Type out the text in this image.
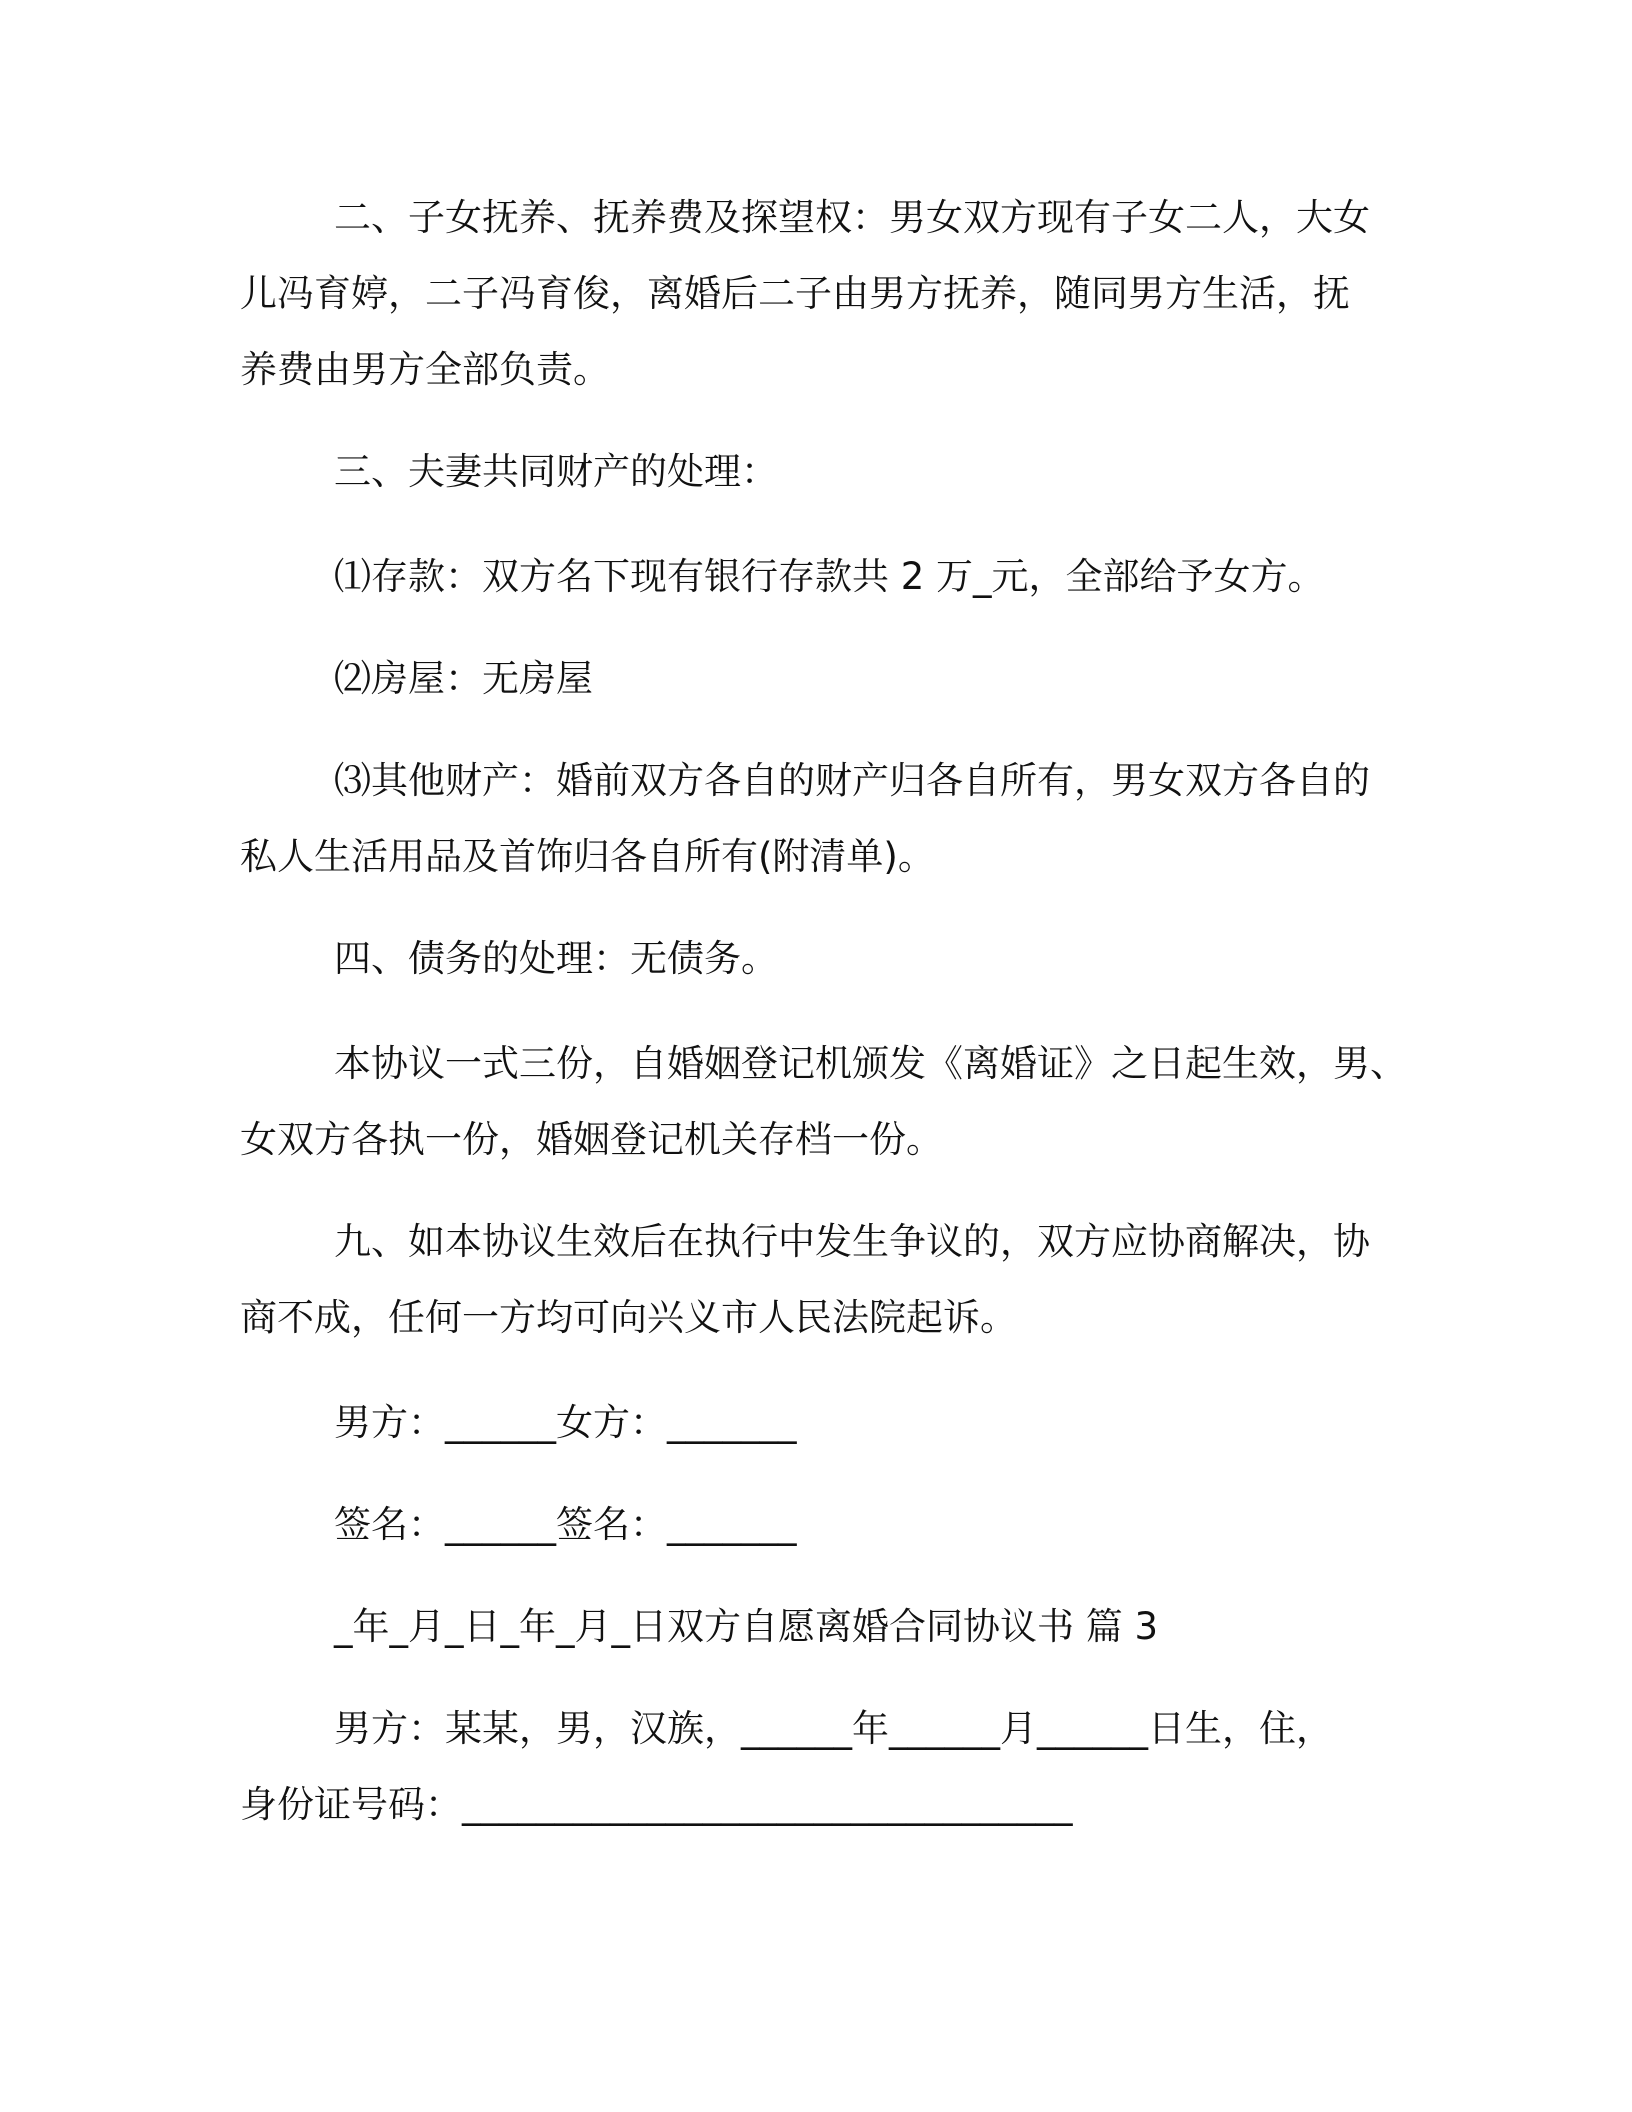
二、子女抚养、抚养费及探望权：男女双方现有子女二人，大女
儿冯育婷，二子冯育俊，离婚后二子由男方抚养，随同男方生活，抚
养费由男方全部负责。
三、夫妻共同财产的处理：
⑴存款：双方名下现有银行存款共 2 万_元，全部给予女方。
⑵房屋：无房屋
⑶其他财产：婚前双方各自的财产归各自所有，男女双方各自的
私人生活用品及首饰归各自所有(附清单)。
四、债务的处理：无债务。
本协议一式三份，自婚姻登记机颁发《离婚证》之日起生效，男、
女双方各执一份，婚姻登记机关存档一份。
九、如本协议生效后在执行中发生争议的，双方应协商解决，协
商不成，任何一方均可向兴义市人民法院起诉。
男方：______女方：_______
签名：______签名：_______
_年_月_日_年_月_日双方自愿离婚合同协议书 篇 3
男方：某某，男，汉族，______年______月______日生，住，
身份证号码：_________________________________
